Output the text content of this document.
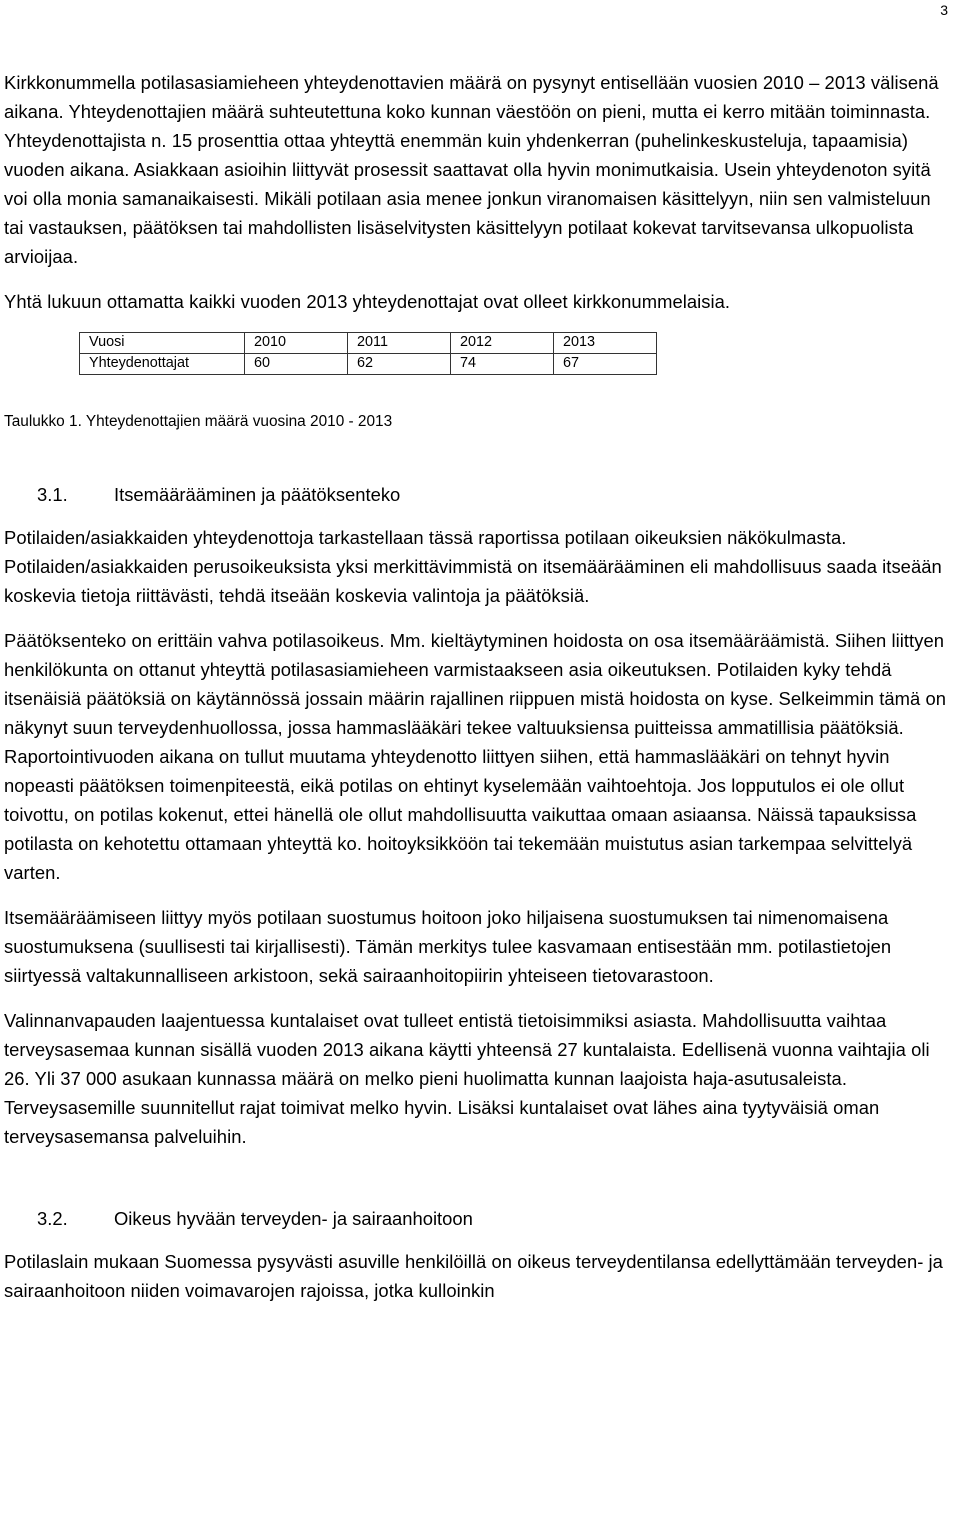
3

Kirkkonummella potilasasiamieheen yhteydenottavien määrä on pysynyt entisellään vuosien 2010 – 2013 välisenä aikana. Yhteydenottajien määrä suhteutettuna koko kunnan väestöön on pieni, mutta ei kerro mitään toiminnasta. Yhteydenottajista n. 15 prosenttia ottaa yhteyttä enemmän kuin yhdenkerran (puhelinkeskusteluja, tapaamisia) vuoden aikana. Asiakkaan asioihin liittyvät prosessit saattavat olla hyvin monimutkaisia. Usein yhteydenoton syitä voi olla monia samanaikaisesti. Mikäli potilaan asia menee jonkun viranomaisen käsittelyyn, niin sen valmisteluun tai vastauksen, päätöksen tai mahdollisten lisäselvitysten käsittelyyn potilaat kokevat tarvitsevansa ulkopuolista arvioijaa.

Yhtä lukuun ottamatta kaikki vuoden 2013 yhteydenottajat ovat olleet kirkkonummelaisia.

Vuosi	2010	2011	2012	2013
Yhteydenottajat	60	62	74	67
Taulukko 1. Yhteydenottajien määrä vuosina 2010 - 2013
3.1.	Itsemäärääminen ja päätöksenteko

Potilaiden/asiakkaiden yhteydenottoja tarkastellaan tässä raportissa potilaan oikeuksien näkökulmasta. Potilaiden/asiakkaiden perusoikeuksista yksi merkittävimmistä on itsemäärääminen eli mahdollisuus saada itseään koskevia tietoja riittävästi, tehdä itseään koskevia valintoja ja päätöksiä.

Päätöksenteko on erittäin vahva potilasoikeus. Mm. kieltäytyminen hoidosta on osa itsemääräämistä. Siihen liittyen henkilökunta on ottanut yhteyttä potilasasiamieheen varmistaakseen asia oikeutuksen. Potilaiden kyky tehdä itsenäisiä päätöksiä on käytännössä jossain määrin rajallinen riippuen mistä hoidosta on kyse. Selkeimmin tämä on näkynyt suun terveydenhuollossa, jossa hammaslääkäri tekee valtuuksiensa puitteissa ammatillisia päätöksiä. Raportointivuoden aikana on tullut muutama yhteydenotto liittyen siihen, että hammaslääkäri on tehnyt hyvin nopeasti päätöksen toimenpiteestä, eikä potilas on ehtinyt kyselemään vaihtoehtoja. Jos lopputulos ei ole ollut toivottu, on potilas kokenut, ettei hänellä ole ollut mahdollisuutta vaikuttaa omaan asiaansa. Näissä tapauksissa potilasta on kehotettu ottamaan yhteyttä ko. hoitoyksikköön tai tekemään muistutus asian tarkempaa selvittelyä varten.

Itsemääräämiseen liittyy myös potilaan suostumus hoitoon joko hiljaisena suostumuksen tai nimenomaisena suostumuksena (suullisesti tai kirjallisesti). Tämän merkitys tulee kasvamaan entisestään mm. potilastietojen siirtyessä valtakunnalliseen arkistoon, sekä sairaanhoitopiirin yhteiseen tietovarastoon.

Valinnanvapauden laajentuessa kuntalaiset ovat tulleet entistä tietoisimmiksi asiasta. Mahdollisuutta vaihtaa terveysasemaa kunnan sisällä vuoden 2013 aikana käytti yhteensä 27 kuntalaista. Edellisenä vuonna vaihtajia oli 26. Yli 37 000 asukaan kunnassa määrä on melko pieni huolimatta kunnan laajoista haja-asutusaleista. Terveysasemille suunnitellut rajat toimivat melko hyvin. Lisäksi kuntalaiset ovat lähes aina tyytyväisiä oman terveysasemansa palveluihin.

3.2.	Oikeus hyvään terveyden- ja sairaanhoitoon

Potilaslain mukaan Suomessa pysyvästi asuville henkilöillä on oikeus terveydentilansa edellyttämään terveyden- ja sairaanhoitoon niiden voimavarojen rajoissa, jotka kulloinkin
